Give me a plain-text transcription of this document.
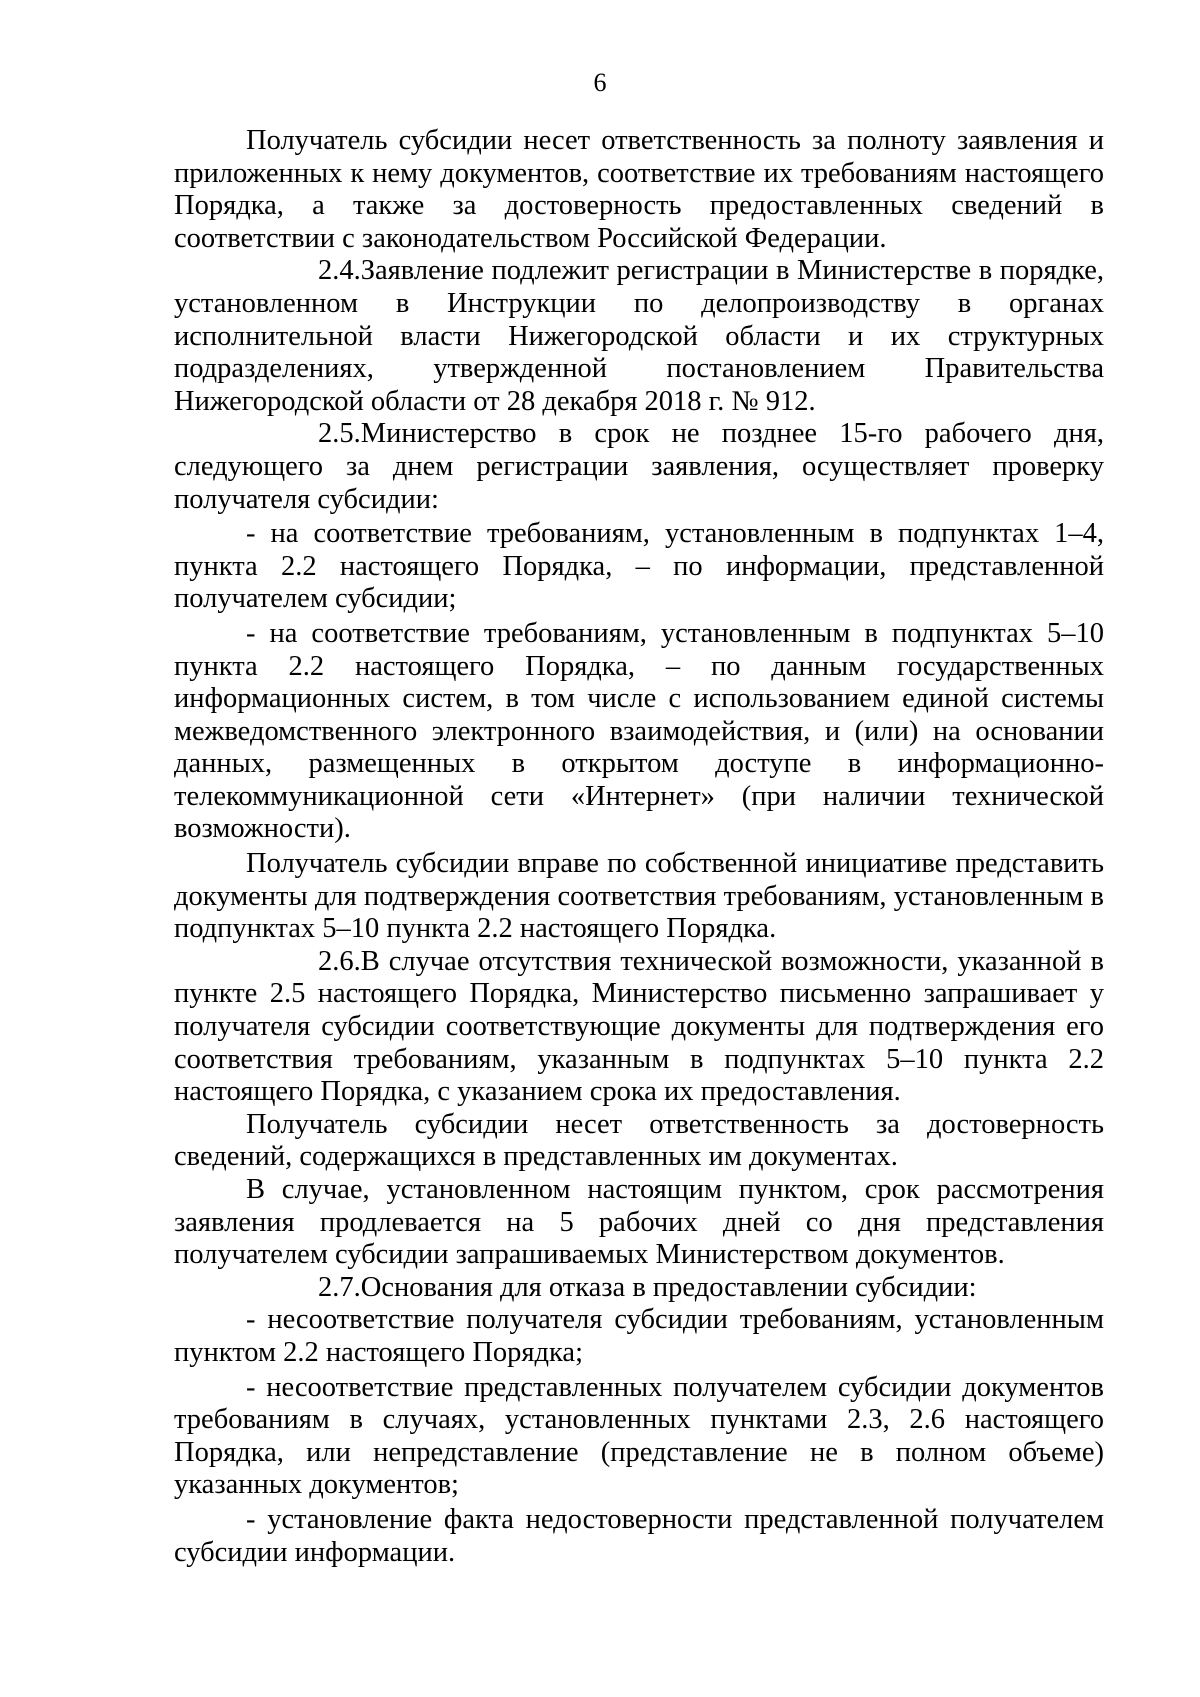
6

Получатель субсидии несет ответственность за полноту заявления и приложенных к нему документов, соответствие их требованиям настоящего Порядка, а также за достоверность предоставленных сведений в соответствии с законодательством Российской Федерации.

2.4.Заявление подлежит регистрации в Министерстве в порядке, установленном в Инструкции по делопроизводству в органах исполнительной власти Нижегородской области и их структурных подразделениях, утвержденной постановлением Правительства Нижегородской области от 28 декабря 2018 г. № 912.

2.5.Министерство в срок не позднее 15-го рабочего дня, следующего за днем регистрации заявления, осуществляет проверку получателя субсидии:

- на соответствие требованиям, установленным в подпунктах 1–4, пункта 2.2 настоящего Порядка, – по информации, представленной получателем субсидии;

- на соответствие требованиям, установленным в подпунктах 5–10 пункта 2.2 настоящего Порядка, – по данным государственных информационных систем, в том числе с использованием единой системы межведомственного электронного взаимодействия, и (или) на основании данных, размещенных в открытом доступе в информационно-телекоммуникационной сети «Интернет» (при наличии технической возможности).

Получатель субсидии вправе по собственной инициативе представить документы для подтверждения соответствия требованиям, установленным в подпунктах 5–10 пункта 2.2 настоящего Порядка.

2.6.В случае отсутствия технической возможности, указанной в пункте 2.5 настоящего Порядка, Министерство письменно запрашивает у получателя субсидии соответствующие документы для подтверждения его соответствия требованиям, указанным в подпунктах 5–10 пункта 2.2 настоящего Порядка, с указанием срока их предоставления.

Получатель субсидии несет ответственность за достоверность сведений, содержащихся в представленных им документах.

В случае, установленном настоящим пунктом, срок рассмотрения заявления продлевается на 5 рабочих дней со дня представления получателем субсидии запрашиваемых Министерством документов.

2.7.Основания для отказа в предоставлении субсидии:

- несоответствие получателя субсидии требованиям, установленным пунктом 2.2 настоящего Порядка;

- несоответствие представленных получателем субсидии документов требованиям в случаях, установленных пунктами 2.3, 2.6 настоящего Порядка, или непредставление (представление не в полном объеме) указанных документов;

- установление факта недостоверности представленной получателем субсидии информации.
